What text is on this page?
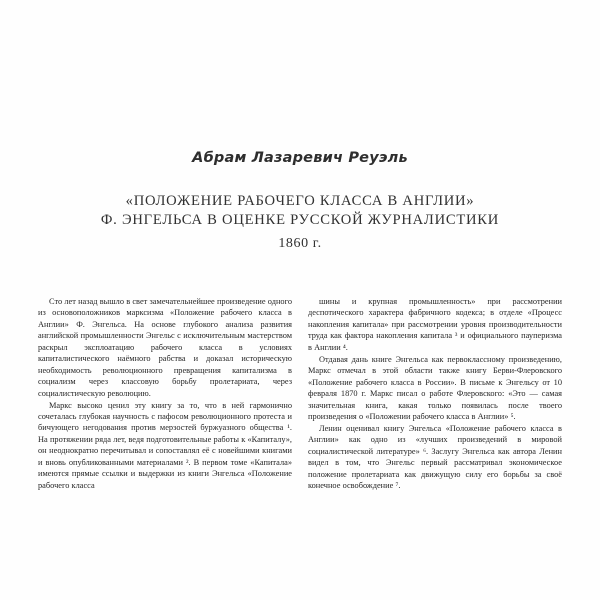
Абрам Лазаревич Реуэль
«ПОЛОЖЕНИЕ РАБОЧЕГО КЛАССА В АНГЛИИ»
Ф. ЭНГЕЛЬСА В ОЦЕНКЕ РУССКОЙ ЖУРНАЛИСТИКИ
1860 г.

Сто лет назад вышло в свет замечательнейшее произведение одного из основоположников марксизма «Положение рабочего класса в Англии» Ф. Энгельса. На основе глубокого анализа развития английской промышленности Энгельс с исключительным мастерством раскрыл эксплоатацию рабочего класса в условиях капиталистического наёмного рабства и доказал историческую необходимость революционного превращения капитализма в социализм через классовую борьбу пролетариата, через социалистическую революцию.

Маркс высоко ценил эту книгу за то, что в ней гармонично сочеталась глубокая научность с пафосом революционного протеста и бичующего негодования против мерзостей буржуазного общества ¹. На протяжении ряда лет, ведя подготовительные работы к «Капиталу», он неоднократно перечитывал и сопоставлял её с новейшими книгами и вновь опубликованными материалами ². В первом томе «Капитала» имеются прямые ссылки и выдержки из книги Энгельса «Положение рабочего класса

шины и крупная промышленность» при рассмотрении деспотического характера фабричного кодекса; в отделе «Процесс накопления капитала» при рассмотрении уровня производительности труда как фактора накопления капитала ³ и официального пауперизма в Англии ⁴.

Отдавая дань книге Энгельса как первоклассному произведению, Маркс отмечал в этой области также книгу Берви-Флеровского «Положение рабочего класса в России». В письме к Энгельсу от 10 февраля 1870 г. Маркс писал о работе Флеровского: «Это — самая значительная книга, какая только появилась после твоего произведения о «Положении рабочего класса в Англии» ⁵.

Ленин оценивал книгу Энгельса «Положение рабочего класса в Англии» как одно из «лучших произведений в мировой социалистической литературе» ⁶. Заслугу Энгельса как автора Ленин видел в том, что Энгельс первый рассматривал экономическое положение пролетариата как движущую силу его борьбы за своё конечное освобождение ⁷.
